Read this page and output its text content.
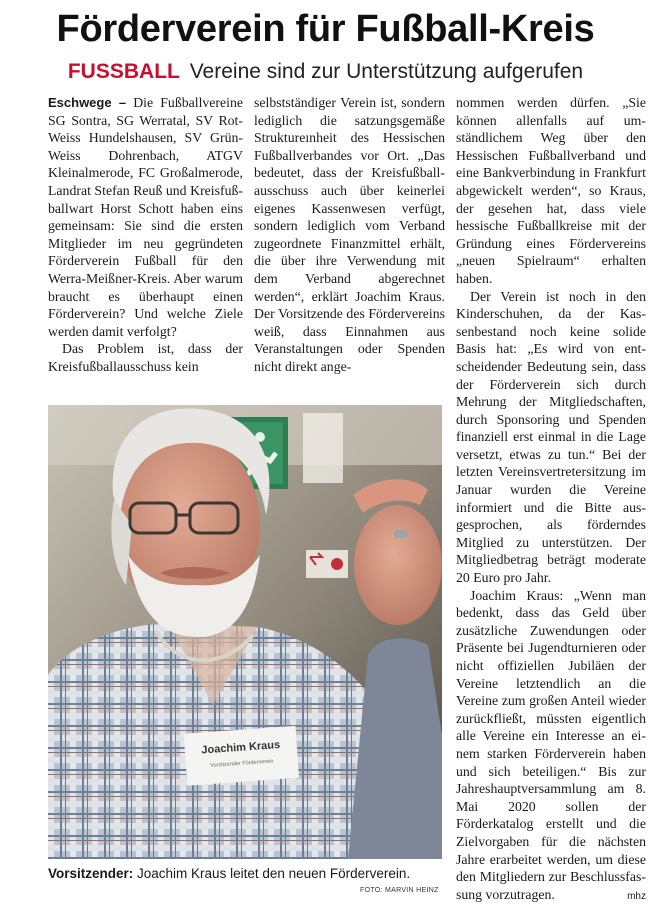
Förderverein für Fußball-Kreis
FUSSBALL Vereine sind zur Unterstützung aufgerufen

Eschwege – Die Fußballvereine SG Sontra, SG Werratal, SV Rot-Weiss Hundelshausen, SV Grün-Weiss Dohrenbach, ATGV Kleinalmerode, FC Großalmerode, Landrat Stefan Reuß und Kreisfußballwart Horst Schott haben eins gemeinsam: Sie sind die ersten Mitglieder im neu gegründeten Förderverein Fußball für den Werra-Meißner-Kreis. Aber warum braucht es überhaupt einen Förderverein? Und welche Ziele werden damit verfolgt?

Das Problem ist, dass der Kreisfußballausschuss kein

selbstständiger Verein ist, sondern lediglich die satzungsgemäße Struktureınheit des Hessischen Fußballverbandes vor Ort. „Das bedeutet, dass der Kreisfußballausschuss auch über keinerlei eigenes Kassenwesen verfügt, sondern lediglich vom Verband zugeordnete Finanzmittel erhält, die über ihre Verwendung mit dem Verband abgerechnet werden“, erklärt Joachim Kraus. Der Vorsitzende des Fördervereins weiß, dass Einnahmen aus Veranstaltungen oder Spenden nicht direkt ange-

nommen werden dürfen. „Sie können allenfalls auf umständlichem Weg über den Hessischen Fußballverband und eine Bankverbindung in Frankfurt abgewickelt werden“, so Kraus, der gesehen hat, dass viele hessische Fußballkreise mit der Gründung eines Fördervereins „neuen Spielraum“ erhalten haben.

Der Verein ist noch in den Kinderschuhen, da der Kassenbestand noch keine solide Basis hat: „Es wird von entscheidender Bedeutung sein, dass der Förderverein sich durch Mehrung der Mitgliedschaften, durch Sponsoring und Spenden finanziell erst einmal in die Lage versetzt, etwas zu tun.“ Bei der letzten Vereinsvertretersitzung im Januar wurden die Vereine informiert und die Bitte ausgesprochen, als förderndes Mitglied zu unterstützen. Der Mitgliedbetrag beträgt moderate 20 Euro pro Jahr.

Joachim Kraus: „Wenn man bedenkt, dass das Geld über zusätzliche Zuwendungen oder Präsente bei Jugendturnieren oder nicht offiziellen Jubiläen der Vereine letztendlich an die Vereine zum großen Anteil wieder zurückfließt, müssten eigentlich alle Vereine ein Interesse an einem starken Förderverein haben und sich beteiligen.“ Bis zur Jahreshauptversammlung am 8. Mai 2020 sollen der Förderkatalog erstellt und die Zielvorgaben für die nächsten Jahre erarbeitet werden, um diese den Mitgliedern zur Beschlussfassung vorzutragen.	mhz
Joachim Kraus
Vorsitzender Förderverein
Vorsitzender: Joachim Kraus leitet den neuen Förderverein.
FOTO: MARVIN HEINZ
